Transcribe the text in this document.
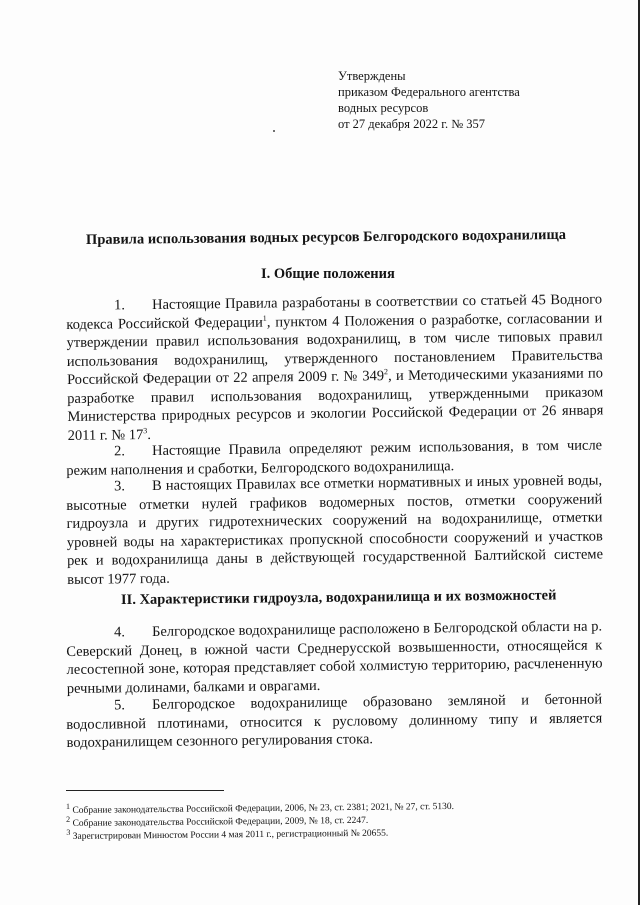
Утверждены
приказом Федерального агентства
водных ресурсов
от 27 декабря 2022 г. № 357
Правила использования водных ресурсов Белгородского водохранилища
I. Общие положения
1. Настоящие Правила разработаны в соответствии со статьей 45 Водного кодекса Российской Федерации$^1$, пунктом 4 Положения о разработке, согласовании и утверждении правил использования водохранилищ, в том числе типовых правил использования водохранилищ, утвержденного постановлением Правительства Российской Федерации от 22 апреля 2009 г. № $349^2$, и Методическими указаниями по разработке правил использования водохранилищ, утвержденными приказом Министерства природных ресурсов и экологии Российской Федерации от 26 января 2011 г. № $17^3$.
2. Настоящие Правила определяют режим использования, в том числе режим наполнения и сработки, Белгородского водохранилища.
3. В настоящих Правилах все отметки нормативных и иных уровней воды, высотные отметки нулей графиков водомерных постов, отметки сооружений гидроузла и других гидротехнических сооружений на водохранилище, отметки уровней воды на характеристиках пропускной способности сооружений и участков рек и водохранилища даны в действующей государственной Балтийской системе высот 1977 года.
II. Характеристики гидроузла, водохранилища и их возможностей
4. Белгородское водохранилище расположено в Белгородской области на р. Северский Донец, в южной части Среднерусской возвышенности, относящейся к лесостепной зоне, которая представляет собой холмистую территорию, расчлененную речными долинами, балками и оврагами.
5. Белгородское водохранилище образовано земляной и бетонной водосливной плотинами, относится к русловому долинному типу и является водохранилищем сезонного регулирования стока.
$^1$ Собрание законодательства Российской Федерации, 2006, № 23, ст. 2381; 2021, № 27, ст. 5130.
$^2$ Собрание законодательства Российской Федерации, 2009, № 18, ст. 2247.
$^3$ Зарегистрирован Минюстом России 4 мая 2011 г., регистрационный № 20655.
